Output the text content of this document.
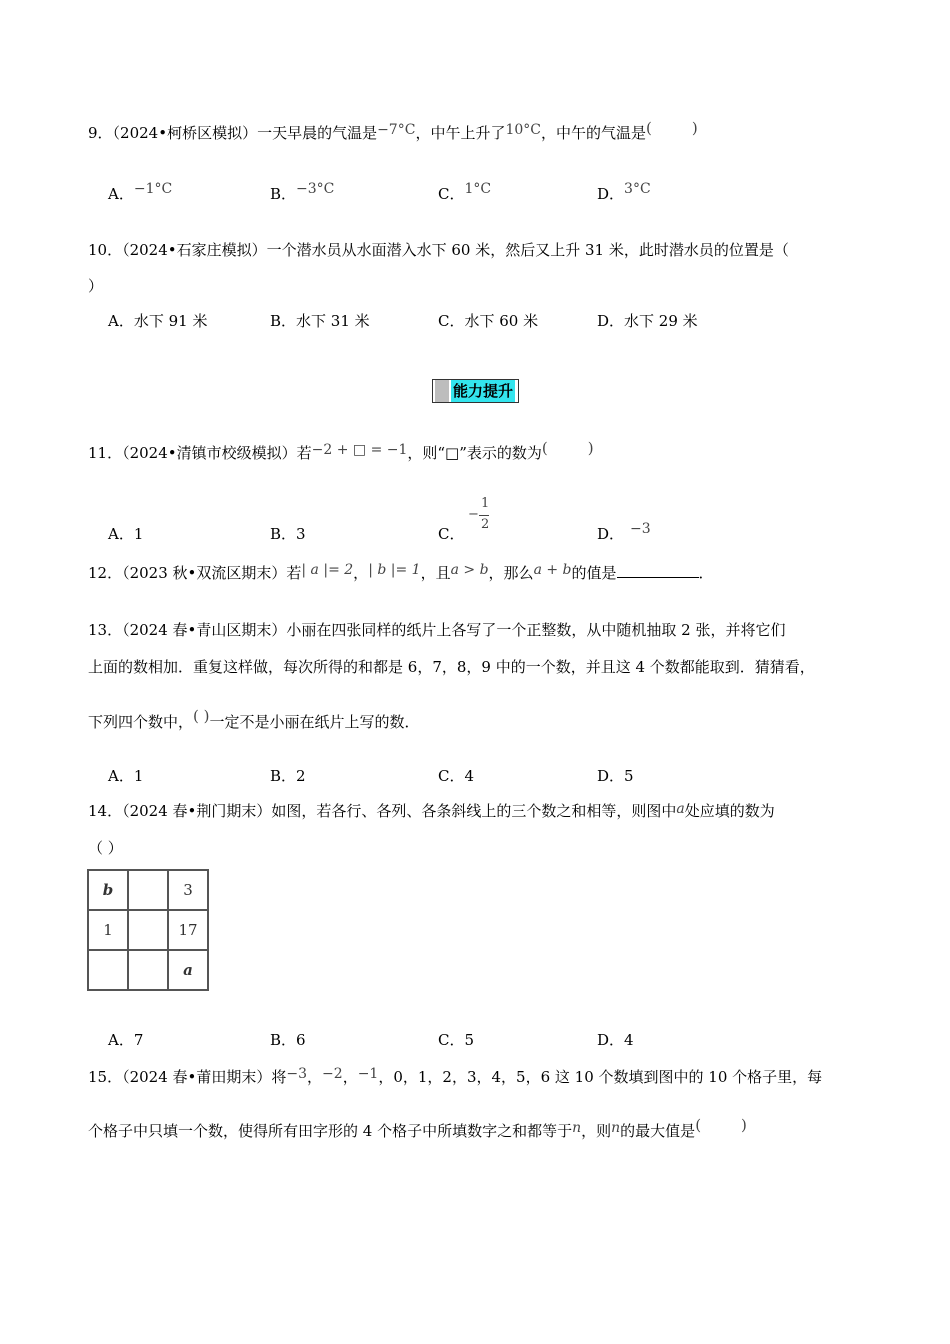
9．（2024•柯桥区模拟）一天早晨的气温是−7°C，中午上升了10°C，中午的气温是(	)
A．−1°C	B．−3°C	C．1°C	D．3°C
10．（2024•石家庄模拟）一个潜水员从水面潜入水下 60 米，然后又上升 31 米，此时潜水员的位置是（
）
A．水下 91 米	B．水下 31 米	C．水下 60 米	D．水下 29 米
能力提升
11．（2024•清镇市校级模拟）若−2 + □ = −1，则“□”表示的数为(	)
A．1	B．3	C．
−
1
2
D． −3
12．（2023 秋•双流区期末）若| a |= 2，| b |= 1，且a > b，那么a + b的值是	．
13．（2024 春•青山区期末）小丽在四张同样的纸片上各写了一个正整数，从中随机抽取 2 张，并将它们
上面的数相加．重复这样做，每次所得的和都是 6，7，8，9 中的一个数，并且这 4 个数都能取到．猜猜看，
下列四个数中，( )一定不是小丽在纸片上写的数．
A．1	B．2	C．4	D．5
14．（2024 春•荆门期末）如图，若各行、各列、各条斜线上的三个数之和相等，则图中a处应填的数为
（ ）
b		3
1		17
		a
A．7	B．6	C．5	D．4
15．（2024 春•莆田期末）将−3，−2，−1，0，1，2，3，4，5，6 这 10 个数填到图中的 10 个格子里，每
个格子中只填一个数，使得所有田字形的 4 个格子中所填数字之和都等于n，则n的最大值是(	)
